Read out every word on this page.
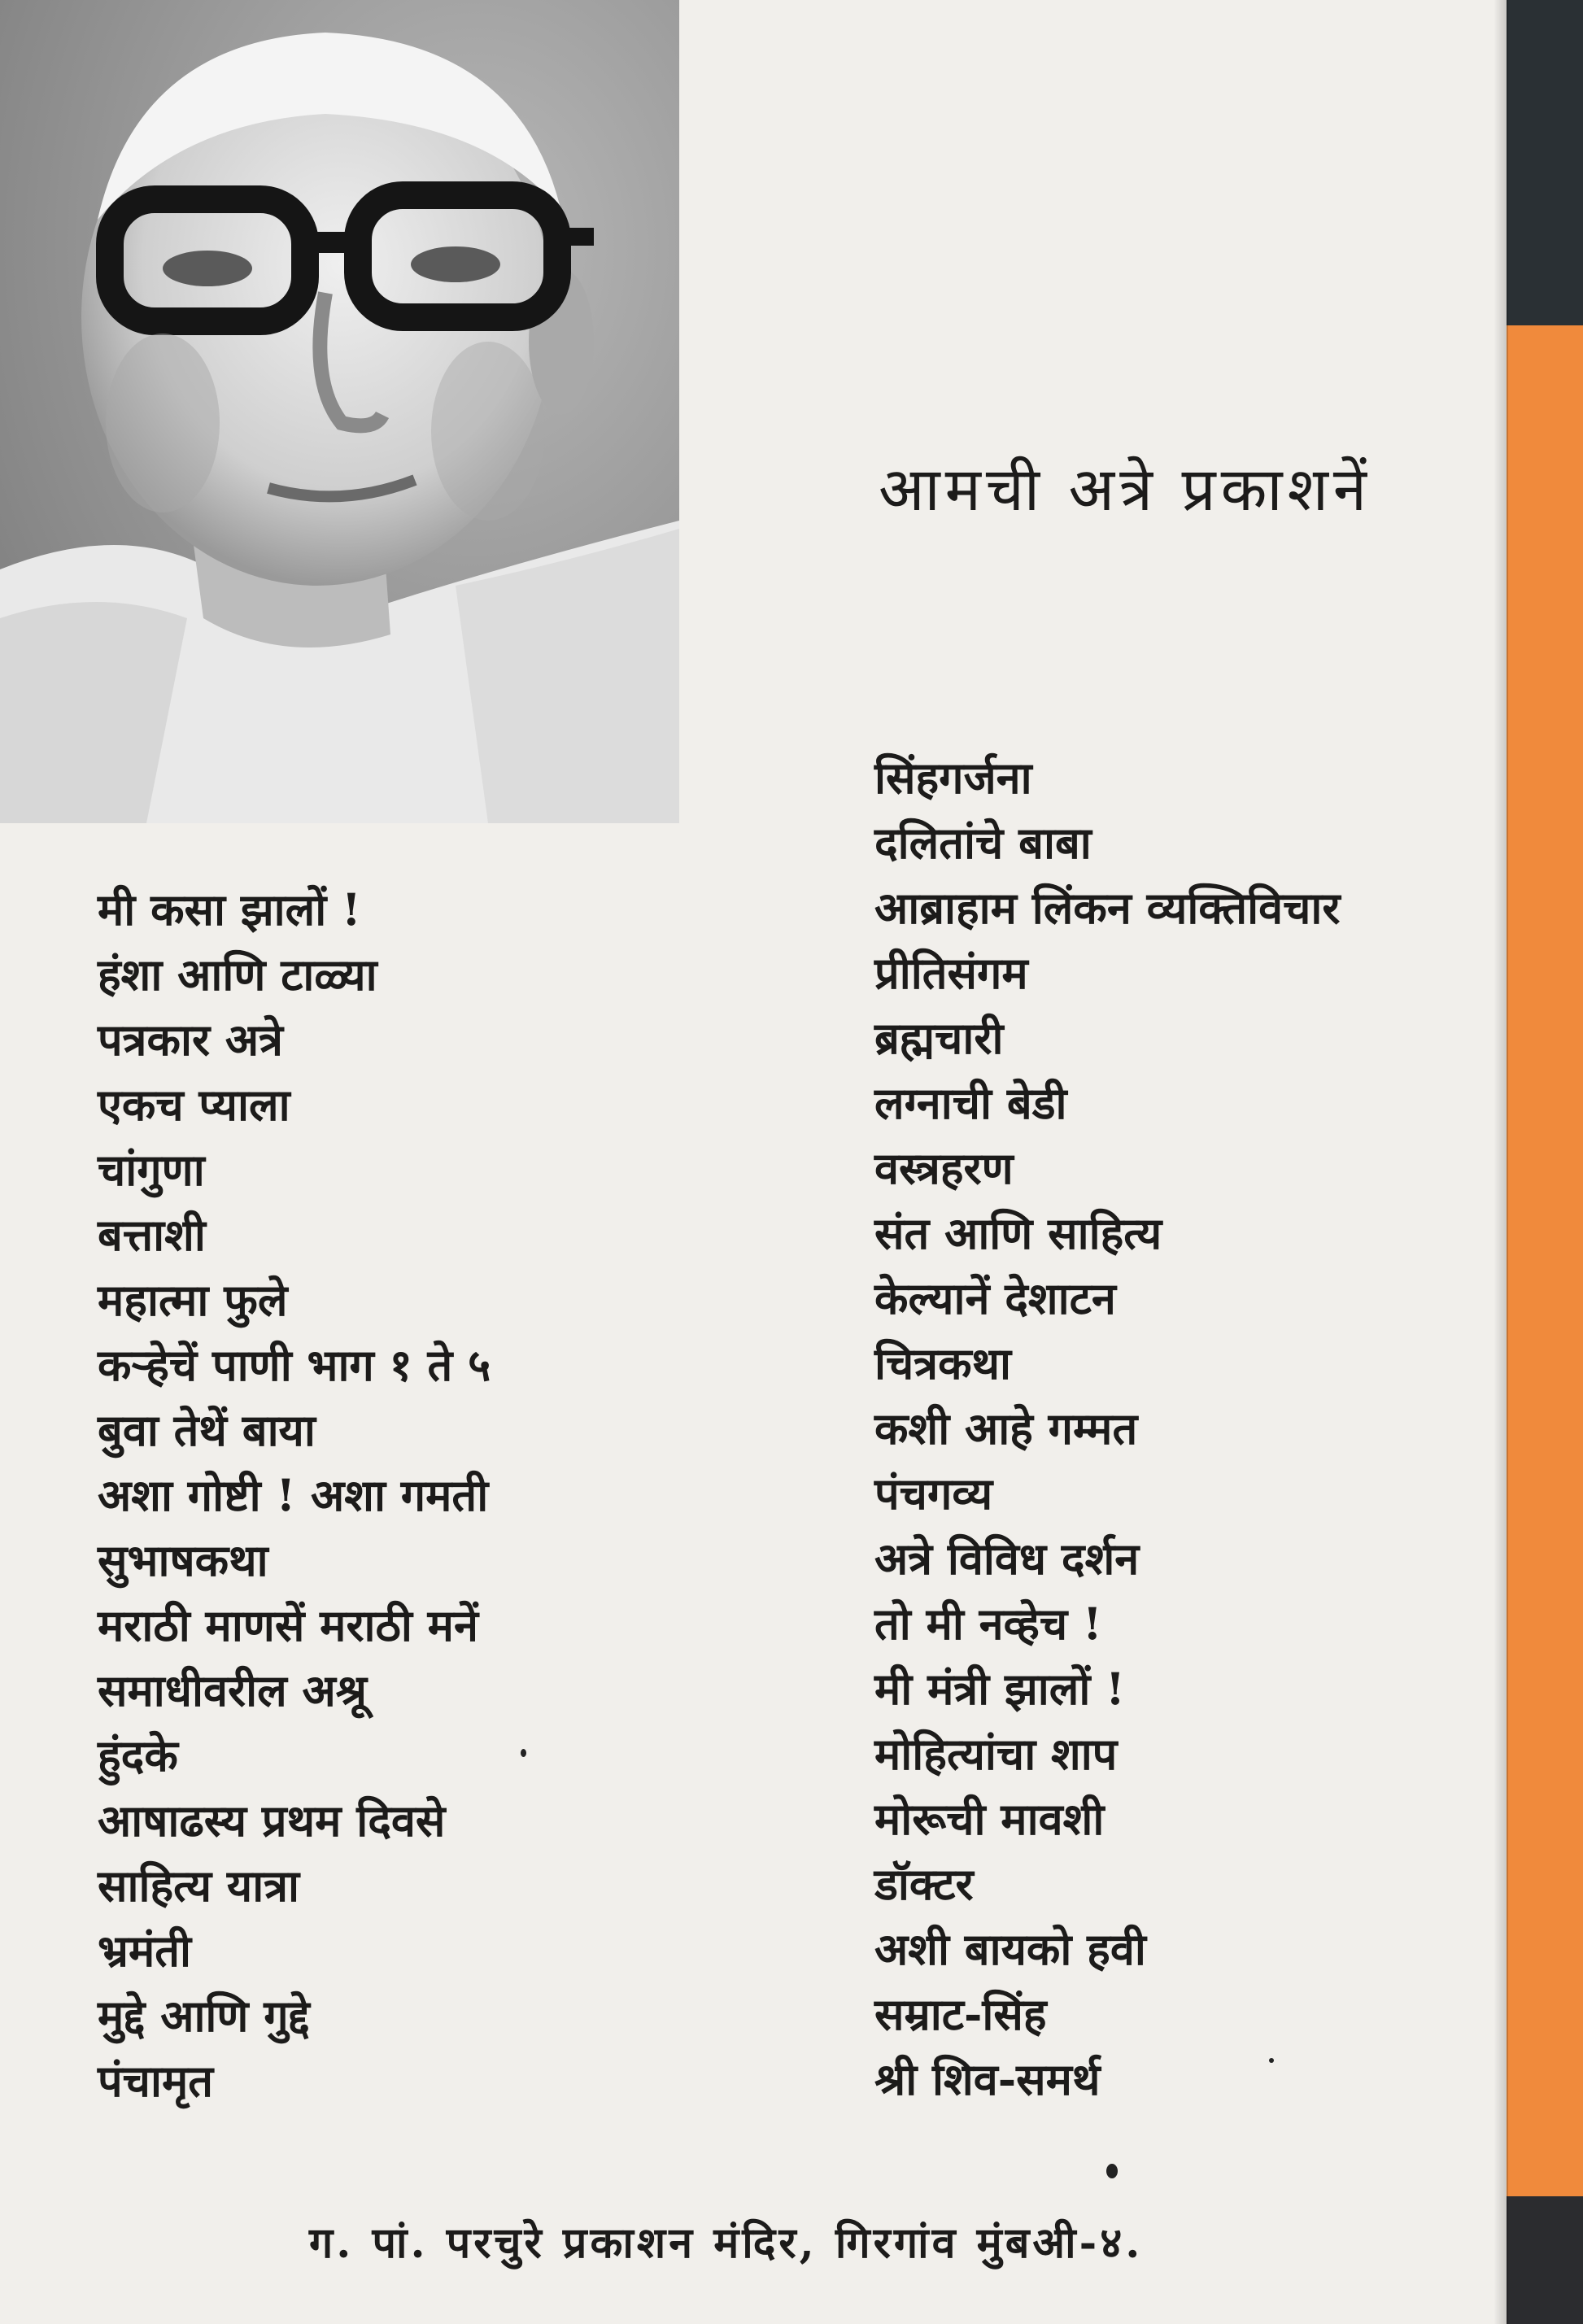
आमची अत्रे प्रकाशनें
मी कसा झालों !
हंशा आणि टाळ्या
पत्रकार अत्रे
एकच प्याला
चांगुणा
बत्ताशी
महात्मा फुले
कऱ्हेचें पाणी भाग १ ते ५
बुवा तेथें बाया
अशा गोष्टी ! अशा गमती
सुभाषकथा
मराठी माणसें मराठी मनें
समाधीवरील अश्रू
हुंदके
आषाढस्य प्रथम दिवसे
साहित्य यात्रा
भ्रमंती
मुद्दे आणि गुद्दे
पंचामृत
सिंहगर्जना
दलितांचे बाबा
आब्राहाम लिंकन व्यक्तिविचार
प्रीतिसंगम
ब्रह्मचारी
लग्नाची बेडी
वस्त्रहरण
संत आणि साहित्य
केल्यानें देशाटन
चित्रकथा
कशी आहे गम्मत
पंचगव्य
अत्रे विविध दर्शन
तो मी नव्हेच !
मी मंत्री झालों !
मोहित्यांचा शाप
मोरूची मावशी
डॉक्टर
अशी बायको हवी
सम्राट-सिंह
श्री शिव-समर्थ
ग. पां. परचुरे प्रकाशन मंदिर, गिरगांव मुंबअी-४.
